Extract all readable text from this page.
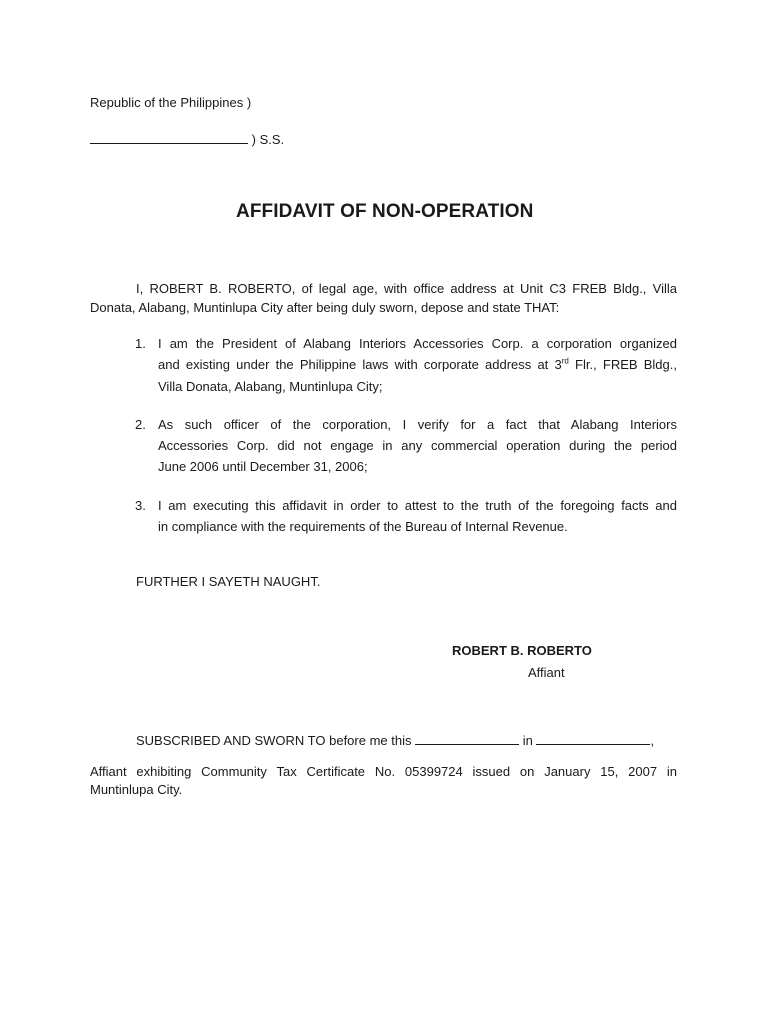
Republic of the Philippines )
) S.S.
AFFIDAVIT OF NON-OPERATION
I, ROBERT B. ROBERTO, of legal age, with office address at Unit C3 FREB Bldg., Villa
Donata, Alabang, Muntinlupa City after being duly sworn, depose and state THAT:
1. I am the President of Alabang Interiors Accessories Corp. a corporation organized
and existing under the Philippine laws with corporate address at 3rd Flr., FREB Bldg.,
Villa Donata, Alabang, Muntinlupa City;
2. As such officer of the corporation, I verify for a fact that Alabang Interiors
Accessories Corp. did not engage in any commercial operation during the period
June 2006 until December 31, 2006;
3. I am executing this affidavit in order to attest to the truth of the foregoing facts and
in compliance with the requirements of the Bureau of Internal Revenue.
FURTHER I SAYETH NAUGHT.
ROBERT B. ROBERTO
Affiant
SUBSCRIBED AND SWORN TO before me this	in	,
Affiant exhibiting Community Tax Certificate No. 05399724 issued on January 15, 2007 in
Muntinlupa City.
